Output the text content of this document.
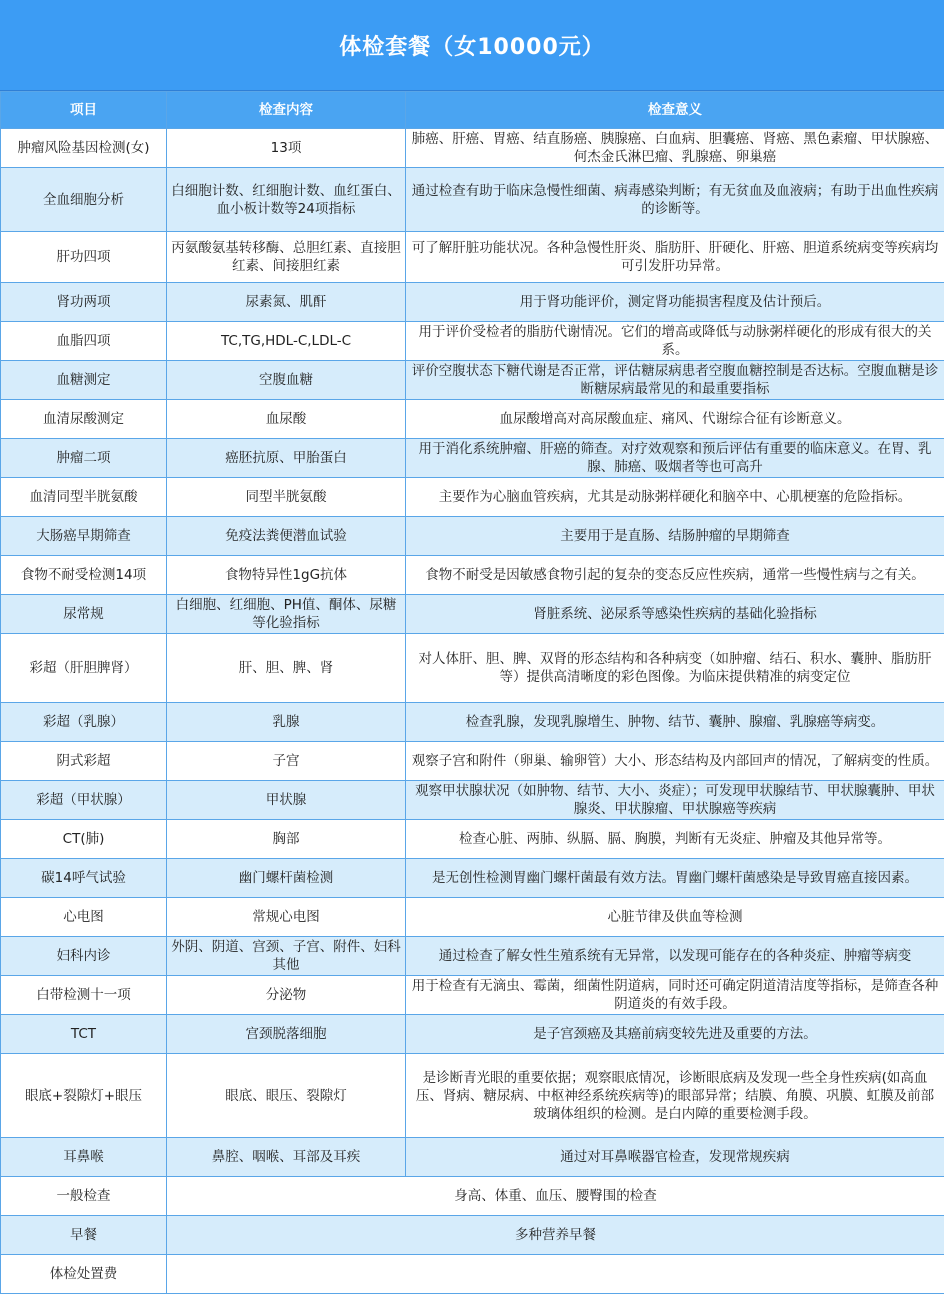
体检套餐（女10000元）
项目	检查内容	检查意义
肿瘤风险基因检测(女)	13项	肺癌、肝癌、胃癌、结直肠癌、胰腺癌、白血病、胆囊癌、肾癌、黑色素瘤、甲状腺癌、何杰金氏淋巴瘤、乳腺癌、卵巢癌
全血细胞分析	白细胞计数、红细胞计数、血红蛋白、血小板计数等24项指标	通过检查有助于临床急慢性细菌、病毒感染判断；有无贫血及血液病；有助于出血性疾病的诊断等。
肝功四项	丙氨酸氨基转移酶、总胆红素、直接胆红素、间接胆红素	可了解肝脏功能状况。各种急慢性肝炎、脂肪肝、肝硬化、肝癌、胆道系统病变等疾病均可引发肝功异常。
肾功两项	尿素氮、肌酐	用于肾功能评价，测定肾功能损害程度及估计预后。
血脂四项	TC,TG,HDL-C,LDL-C	用于评价受检者的脂肪代谢情况。它们的增高或降低与动脉粥样硬化的形成有很大的关系。
血糖测定	空腹血糖	评价空腹状态下糖代谢是否正常，评估糖尿病患者空腹血糖控制是否达标。空腹血糖是诊断糖尿病最常见的和最重要指标
血清尿酸测定	血尿酸	血尿酸增高对高尿酸血症、痛风、代谢综合征有诊断意义。
肿瘤二项	癌胚抗原、甲胎蛋白	用于消化系统肿瘤、肝癌的筛查。对疗效观察和预后评估有重要的临床意义。在胃、乳腺、肺癌、吸烟者等也可高升
血清同型半胱氨酸	同型半胱氨酸	主要作为心脑血管疾病，尤其是动脉粥样硬化和脑卒中、心肌梗塞的危险指标。
大肠癌早期筛查	免疫法粪便潜血试验	主要用于是直肠、结肠肿瘤的早期筛查
食物不耐受检测14项	食物特异性1gG抗体	食物不耐受是因敏感食物引起的复杂的变态反应性疾病，通常一些慢性病与之有关。
尿常规	白细胞、红细胞、PH值、酮体、尿糖等化验指标	肾脏系统、泌尿系等感染性疾病的基础化验指标
彩超（肝胆脾肾）	肝、胆、脾、肾	对人体肝、胆、脾、双肾的形态结构和各种病变（如肿瘤、结石、积水、囊肿、脂肪肝等）提供高清晰度的彩色图像。为临床提供精准的病变定位
彩超（乳腺）	乳腺	检查乳腺，发现乳腺增生、肿物、结节、囊肿、腺瘤、乳腺癌等病变。
阴式彩超	子宫	观察子宫和附件（卵巢、输卵管）大小、形态结构及内部回声的情况，了解病变的性质。
彩超（甲状腺）	甲状腺	观察甲状腺状况（如肿物、结节、大小、炎症）；可发现甲状腺结节、甲状腺囊肿、甲状腺炎、甲状腺瘤、甲状腺癌等疾病
CT(肺)	胸部	检查心脏、两肺、纵膈、膈、胸膜，判断有无炎症、肿瘤及其他异常等。
碳14呼气试验	幽门螺杆菌检测	是无创性检测胃幽门螺杆菌最有效方法。胃幽门螺杆菌感染是导致胃癌直接因素。
心电图	常规心电图	心脏节律及供血等检测
妇科内诊	外阴、阴道、宫颈、子宫、附件、妇科其他	通过检查了解女性生殖系统有无异常，以发现可能存在的各种炎症、肿瘤等病变
白带检测十一项	分泌物	用于检查有无滴虫、霉菌，细菌性阴道病，同时还可确定阴道清洁度等指标，是筛查各种阴道炎的有效手段。
TCT	宫颈脱落细胞	是子宫颈癌及其癌前病变较先进及重要的方法。
眼底+裂隙灯+眼压	眼底、眼压、裂隙灯	是诊断青光眼的重要依据；观察眼底情况，诊断眼底病及发现一些全身性疾病(如高血压、肾病、糖尿病、中枢神经系统疾病等)的眼部异常；结膜、角膜、巩膜、虹膜及前部玻璃体组织的检测。是白内障的重要检测手段。
耳鼻喉	鼻腔、咽喉、耳部及耳疾	通过对耳鼻喉器官检查，发现常规疾病
一般检查	身高、体重、血压、腰臀围的检查	
早餐	多种营养早餐	
体检处置费		
